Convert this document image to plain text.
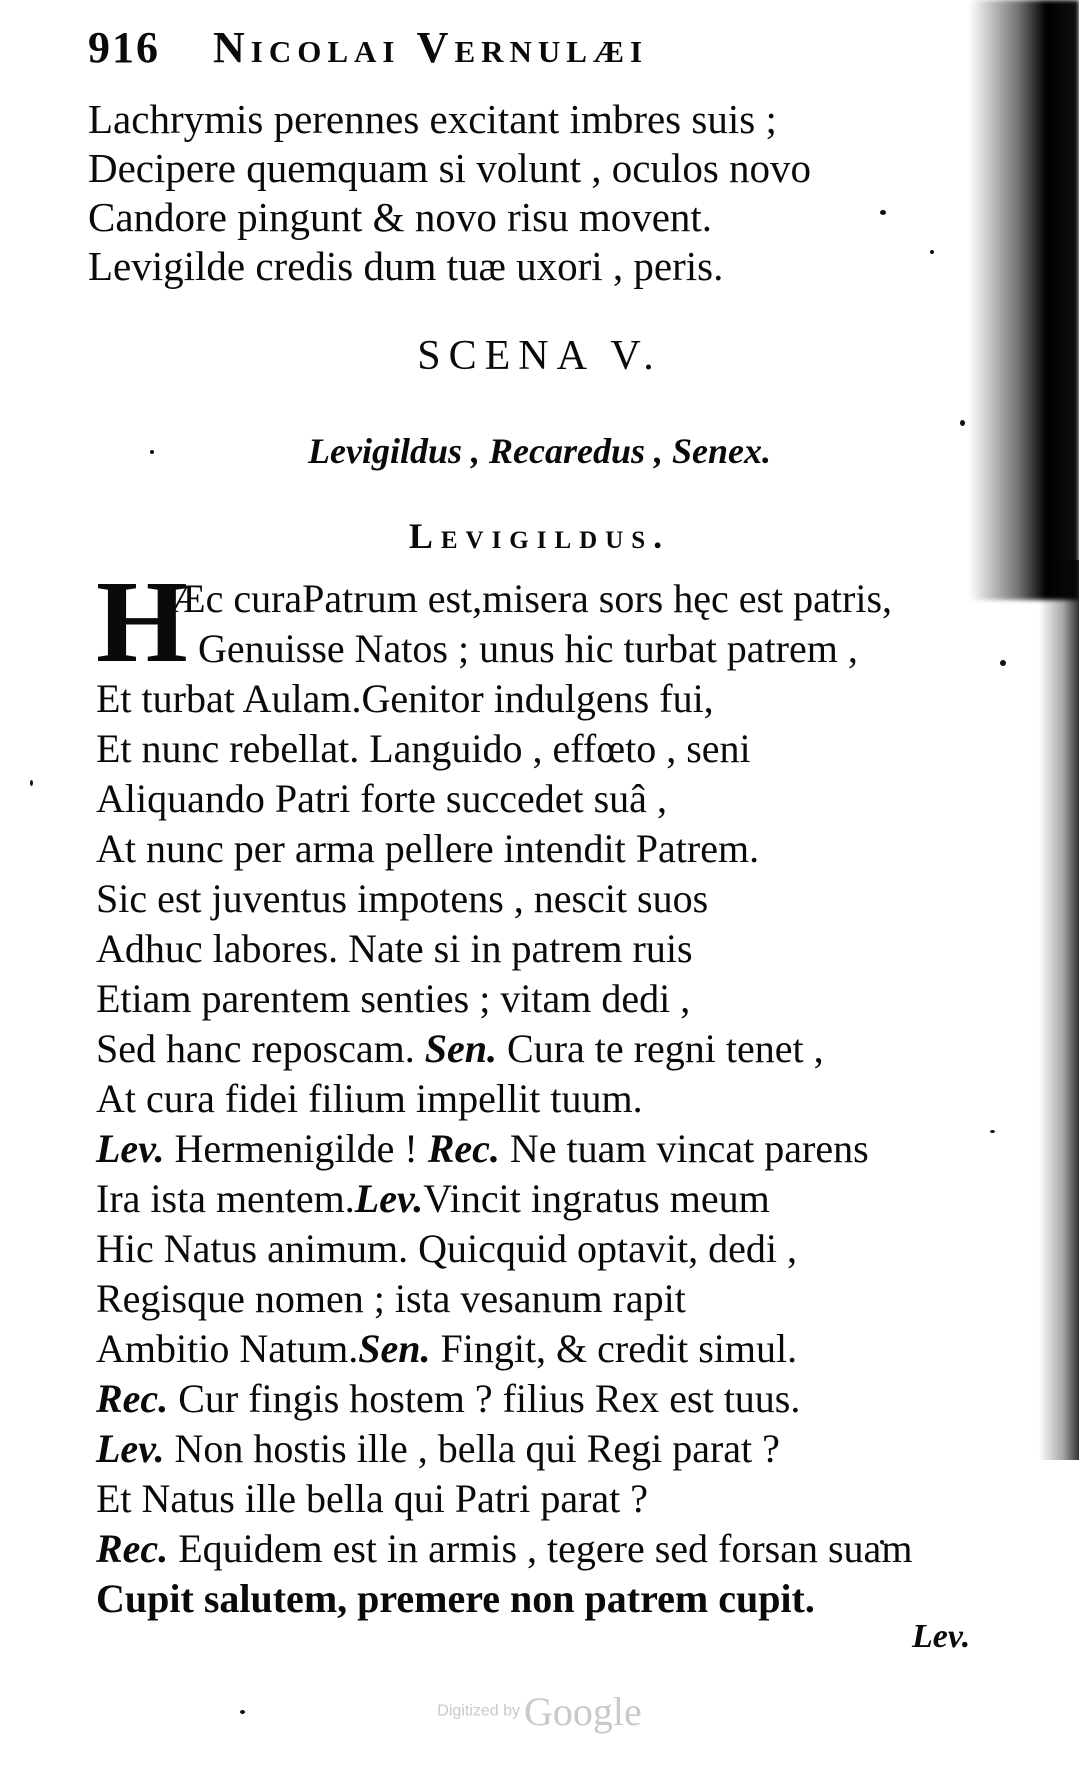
916 Nicolai Vernulæi
Lachrymis perennes excitant imbres suis ;
Decipere quemquam si volunt , oculos novo
Candore pingunt & novo risu movent.
Levigilde credis dum tuæ uxori , peris.
SCENA V.
Levigildus , Recaredus , Senex.
Levigildus.
H
Æc curaPatrum est,misera sors hęc est patris,
Genuisse Natos ; unus hic turbat patrem ,
Et turbat Aulam.Genitor indulgens fui,
Et nunc rebellat. Languido , effœto , seni
Aliquando Patri forte succedet suâ ,
At nunc per arma pellere intendit Patrem.
Sic est juventus impotens , nescit suos
Adhuc labores. Nate si in patrem ruis
Etiam parentem senties ; vitam dedi ,
Sed hanc reposcam. Sen. Cura te regni tenet ,
At cura fidei filium impellit tuum.
Lev. Hermenigilde ! Rec. Ne tuam vincat parens
Ira ista mentem.Lev.Vincit ingratus meum
Hic Natus animum. Quicquid optavit, dedi ,
Regisque nomen ; ista vesanum rapit
Ambitio Natum.Sen. Fingit, & credit simul.
Rec. Cur fingis hostem ? filius Rex est tuus.
Lev. Non hostis ille , bella qui Regi parat ?
Et Natus ille bella qui Patri parat ?
Rec. Equidem est in armis , tegere sed forsan suam
Cupit salutem, premere non patrem cupit.
Lev.
Digitized by Google
